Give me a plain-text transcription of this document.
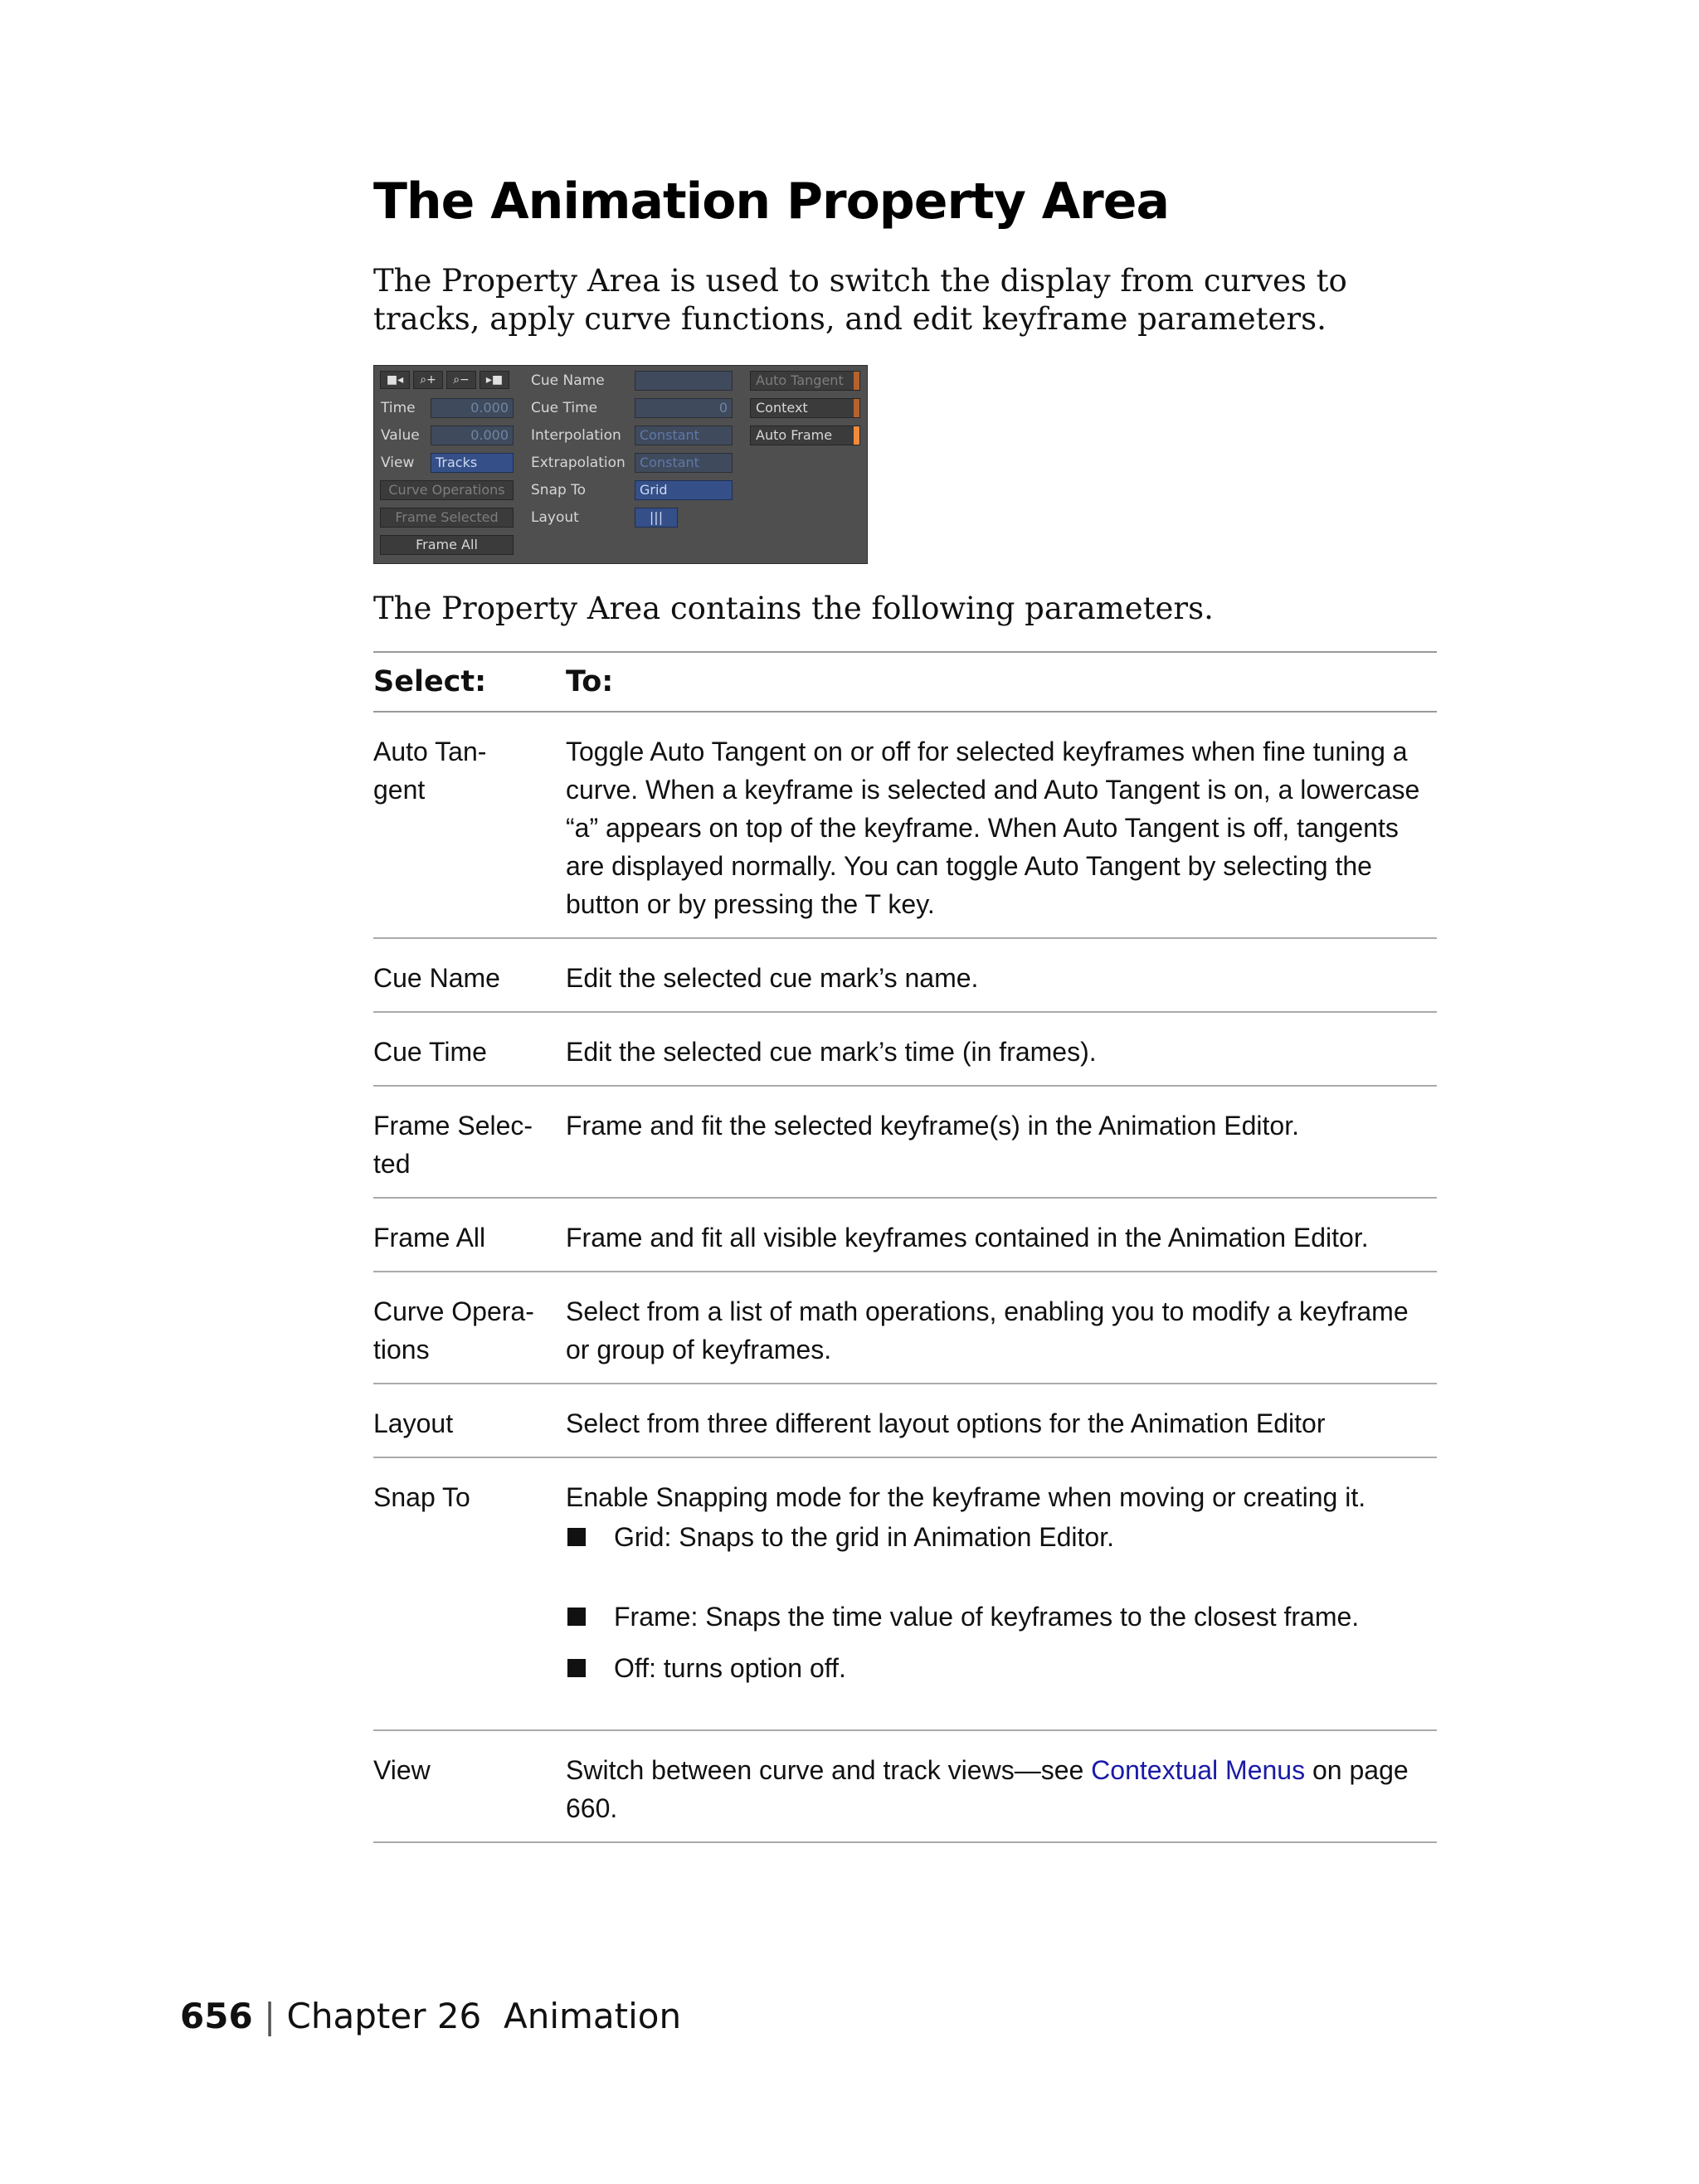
The Animation Property Area

The Property Area is used to switch the display from curves to tracks, apply curve functions, and edit keyframe parameters.

■◂	⌕+	⌕−	▸■
Time	0.000
Value	0.000
View	Tracks
Curve Operations
Frame Selected
Frame All
Cue Name
Cue Time	0
Interpolation	Constant
Extrapolation	Constant
Snap To	Grid
Layout	|||
Auto Tangent
Context
Auto Frame

The Property Area contains the following parameters.

Select:	To:
Auto Tan-
gent	Toggle Auto Tangent on or off for selected keyframes when fine tuning a curve. When a keyframe is selected and Auto Tangent is on, a lowercase “a” appears on top of the keyframe. When Auto Tangent is off, tangents are displayed normally. You can toggle Auto Tangent by selecting the button or by pressing the T key.
Cue Name	Edit the selected cue mark’s name.
Cue Time	Edit the selected cue mark’s time (in frames).
Frame Selec-
ted	Frame and fit the selected keyframe(s) in the Animation Editor.
Frame All	Frame and fit all visible keyframes contained in the Animation Editor.
Curve Opera-
tions	Select from a list of math operations, enabling you to modify a keyframe or group of keyframes.
Layout	Select from three different layout options for the Animation Editor
Snap To	Enable Snapping mode for the keyframe when moving or creating it.
Grid: Snaps to the grid in Animation Editor.
Frame: Snaps the time value of keyframes to the closest frame.
Off: turns option off.

View	Switch between curve and track views—see Contextual Menus on page 660.

656 | Chapter 26 Animation
